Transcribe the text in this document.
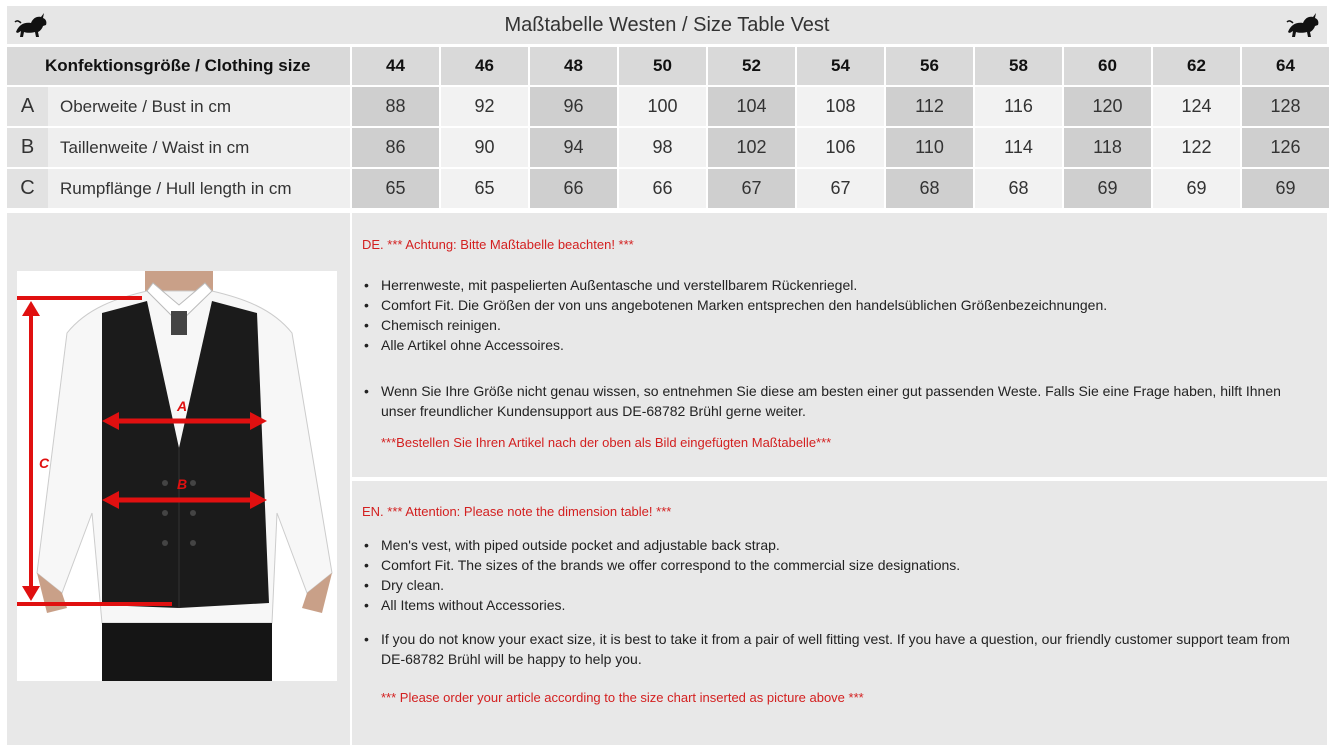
Maßtabelle Westen / Size Table Vest
Konfektionsgröße / Clothing size	44	46	48	50	52	54	56	58	60	62	64
A	Oberweite / Bust in cm	88	92	96	100	104	108	112	116	120	124	128
B	Taillenweite / Waist in cm	86	90	94	98	102	106	110	114	118	122	126
C	Rumpflänge / Hull length in cm	65	65	66	66	67	67	68	68	69	69	69
A
B
C
DE. *** Achtung: Bitte Maßtabelle beachten! ***
• Herrenweste, mit paspelierten Außentasche und verstellbarem Rückenriegel.
• Comfort Fit. Die Größen der von uns angebotenen Marken entsprechen den handelsüblichen Größenbezeichnungen.
• Chemisch reinigen.
• Alle Artikel ohne Accessoires.
• Wenn Sie Ihre Größe nicht genau wissen, so entnehmen Sie diese am besten einer gut passenden Weste. Falls Sie eine Frage haben, hilft Ihnen unser freundlicher Kundensupport aus DE-68782 Brühl gerne weiter.
***Bestellen Sie Ihren Artikel nach der oben als Bild eingefügten Maßtabelle***
EN. *** Attention: Please note the dimension table! ***
• Men's vest, with piped outside pocket and adjustable back strap.
• Comfort Fit. The sizes of the brands we offer correspond to the commercial size designations.
• Dry clean.
• All Items without Accessories.
• If you do not know your exact size, it is best to take it from a pair of well fitting vest. If you have a question, our friendly customer support team from DE-68782 Brühl will be happy to help you.
*** Please order your article according to the size chart inserted as picture above ***
